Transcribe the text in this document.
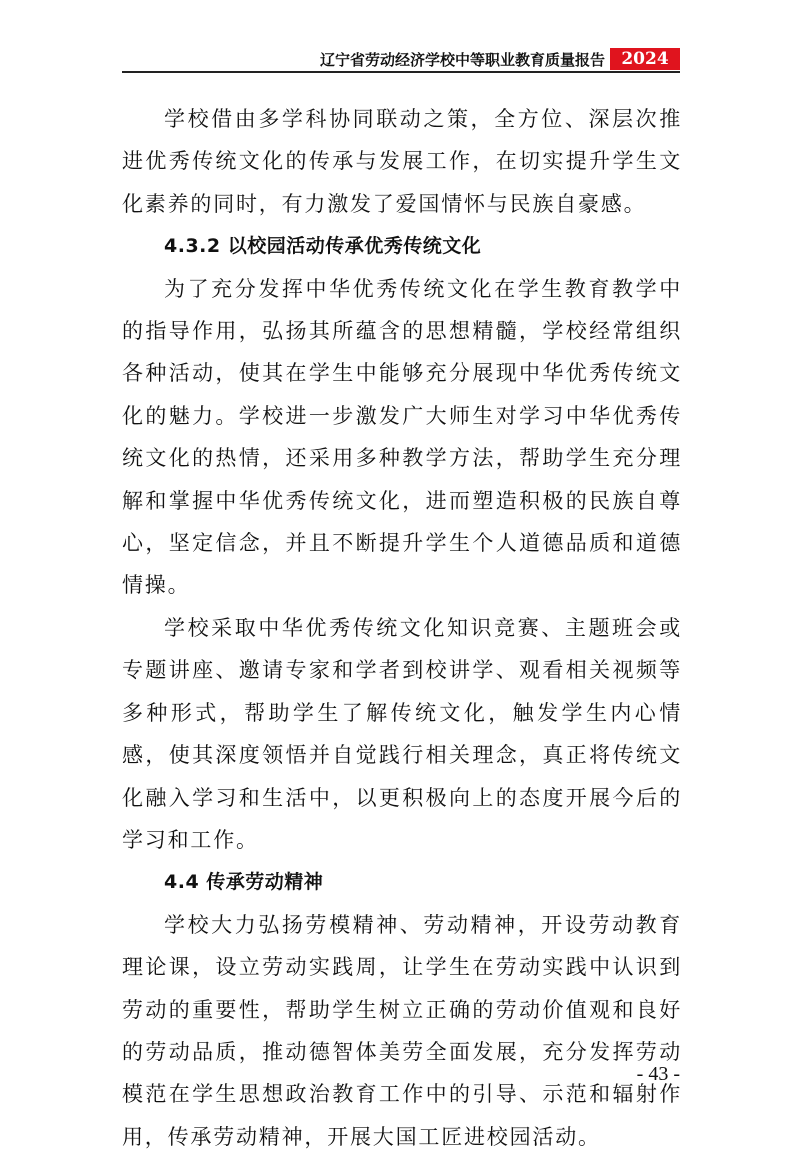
辽宁省劳动经济学校中等职业教育质量报告 2024

学校借由多学科协同联动之策，全方位、深层次推进优秀传统文化的传承与发展工作，在切实提升学生文化素养的同时，有力激发了爱国情怀与民族自豪感。

4.3.2 以校园活动传承优秀传统文化

为了充分发挥中华优秀传统文化在学生教育教学中的指导作用，弘扬其所蕴含的思想精髓，学校经常组织各种活动，使其在学生中能够充分展现中华优秀传统文化的魅力。学校进一步激发广大师生对学习中华优秀传统文化的热情，还采用多种教学方法，帮助学生充分理解和掌握中华优秀传统文化，进而塑造积极的民族自尊心，坚定信念，并且不断提升学生个人道德品质和道德情操。

学校采取中华优秀传统文化知识竞赛、主题班会或专题讲座、邀请专家和学者到校讲学、观看相关视频等多种形式，帮助学生了解传统文化，触发学生内心情感，使其深度领悟并自觉践行相关理念，真正将传统文化融入学习和生活中，以更积极向上的态度开展今后的学习和工作。

4.4 传承劳动精神

学校大力弘扬劳模精神、劳动精神，开设劳动教育理论课，设立劳动实践周，让学生在劳动实践中认识到劳动的重要性，帮助学生树立正确的劳动价值观和良好的劳动品质，推动德智体美劳全面发展，充分发挥劳动模范在学生思想政治教育工作中的引导、示范和辐射作用，传承劳动精神，开展大国工匠进校园活动。

- 43 -
